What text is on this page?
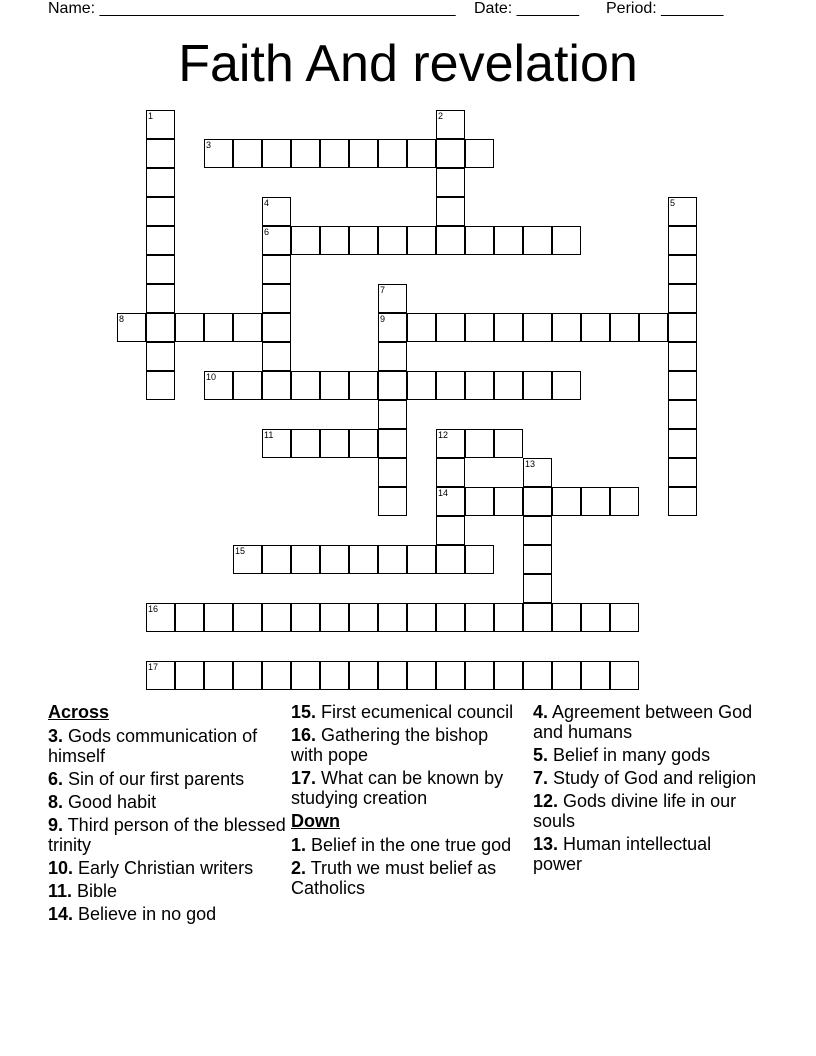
Name: ________________________________________ Date: _______ Period: _______
Faith And revelation
1	2
3
4
6
5
7
9
8
10
11	12
14
13
15
16
17
Across
3. Gods communication of himself
6. Sin of our first parents
8. Good habit
9. Third person of the blessed trinity
10. Early Christian writers
11. Bible
14. Believe in no god
15. First ecumenical council
16. Gathering the bishop with pope
17. What can be known by studying creation
Down
1. Belief in the one true god
2. Truth we must belief as Catholics
4. Agreement between God and humans
5. Belief in many gods
7. Study of God and religion
12. Gods divine life in our souls
13. Human intellectual power
